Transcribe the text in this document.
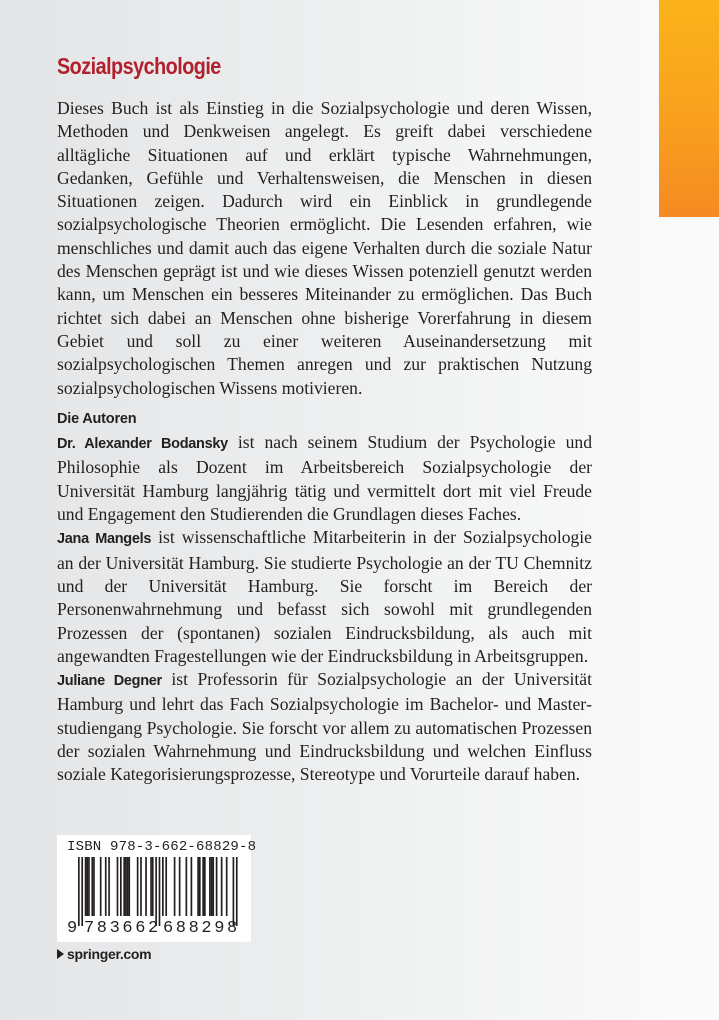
Sozialpsychologie

Dieses Buch ist als Einstieg in die Sozialpsychologie und deren Wissen, Methoden und Denkweisen angelegt. Es greift dabei verschiedene alltägliche Situationen auf und erklärt typische Wahrnehmungen, Gedanken, Gefühle und Verhaltensweisen, die Menschen in diesen Situationen zeigen. Dadurch wird ein Einblick in grundlegende sozialpsychologische Theorien ermöglicht. Die Lesenden erfahren, wie menschliches und damit auch das eigene Verhalten durch die soziale Natur des Menschen geprägt ist und wie dieses Wissen potenziell genutzt werden kann, um Menschen ein besseres Miteinander zu ermöglichen. Das Buch richtet sich dabei an Menschen ohne bisherige Vorerfahrung in diesem Gebiet und soll zu einer weiteren Auseinandersetzung mit sozialpsychologischen Themen anregen und zur praktischen Nutzung sozialpsychologischen Wissens motivieren.

Die Autoren

Dr. Alexander Bodansky ist nach seinem Studium der Psychologie und Philosophie als Dozent im Arbeitsbereich Sozialpsychologie der Universität Hamburg langjährig tätig und vermittelt dort mit viel Freude und Engagement den Studierenden die Grundlagen dieses Faches.

Jana Mangels ist wissenschaftliche Mitarbeiterin in der Sozialpsychologie an der Universität Hamburg. Sie studierte Psychologie an der TU Chemnitz und der Universität Hamburg. Sie forscht im Bereich der Personenwahrnehmung und befasst sich sowohl mit grundlegenden Prozessen der (spontanen) sozialen Eindrucksbildung, als auch mit angewandten Fragestellungen wie der Eindrucksbildung in Arbeitsgruppen.

Juliane Degner ist Professorin für Sozialpsychologie an der Universität Hamburg und lehrt das Fach Sozialpsychologie im Bachelor- und Masterstudiengang Psychologie. Sie forscht vor allem zu automatischen Prozessen der sozialen Wahrnehmung und Eindrucksbildung und welchen Einfluss soziale Kategorisierungsprozesse, Stereotype und Vorurteile darauf haben.

ISBN 978-3-662-68829-8
9 783662 688298
springer.com
